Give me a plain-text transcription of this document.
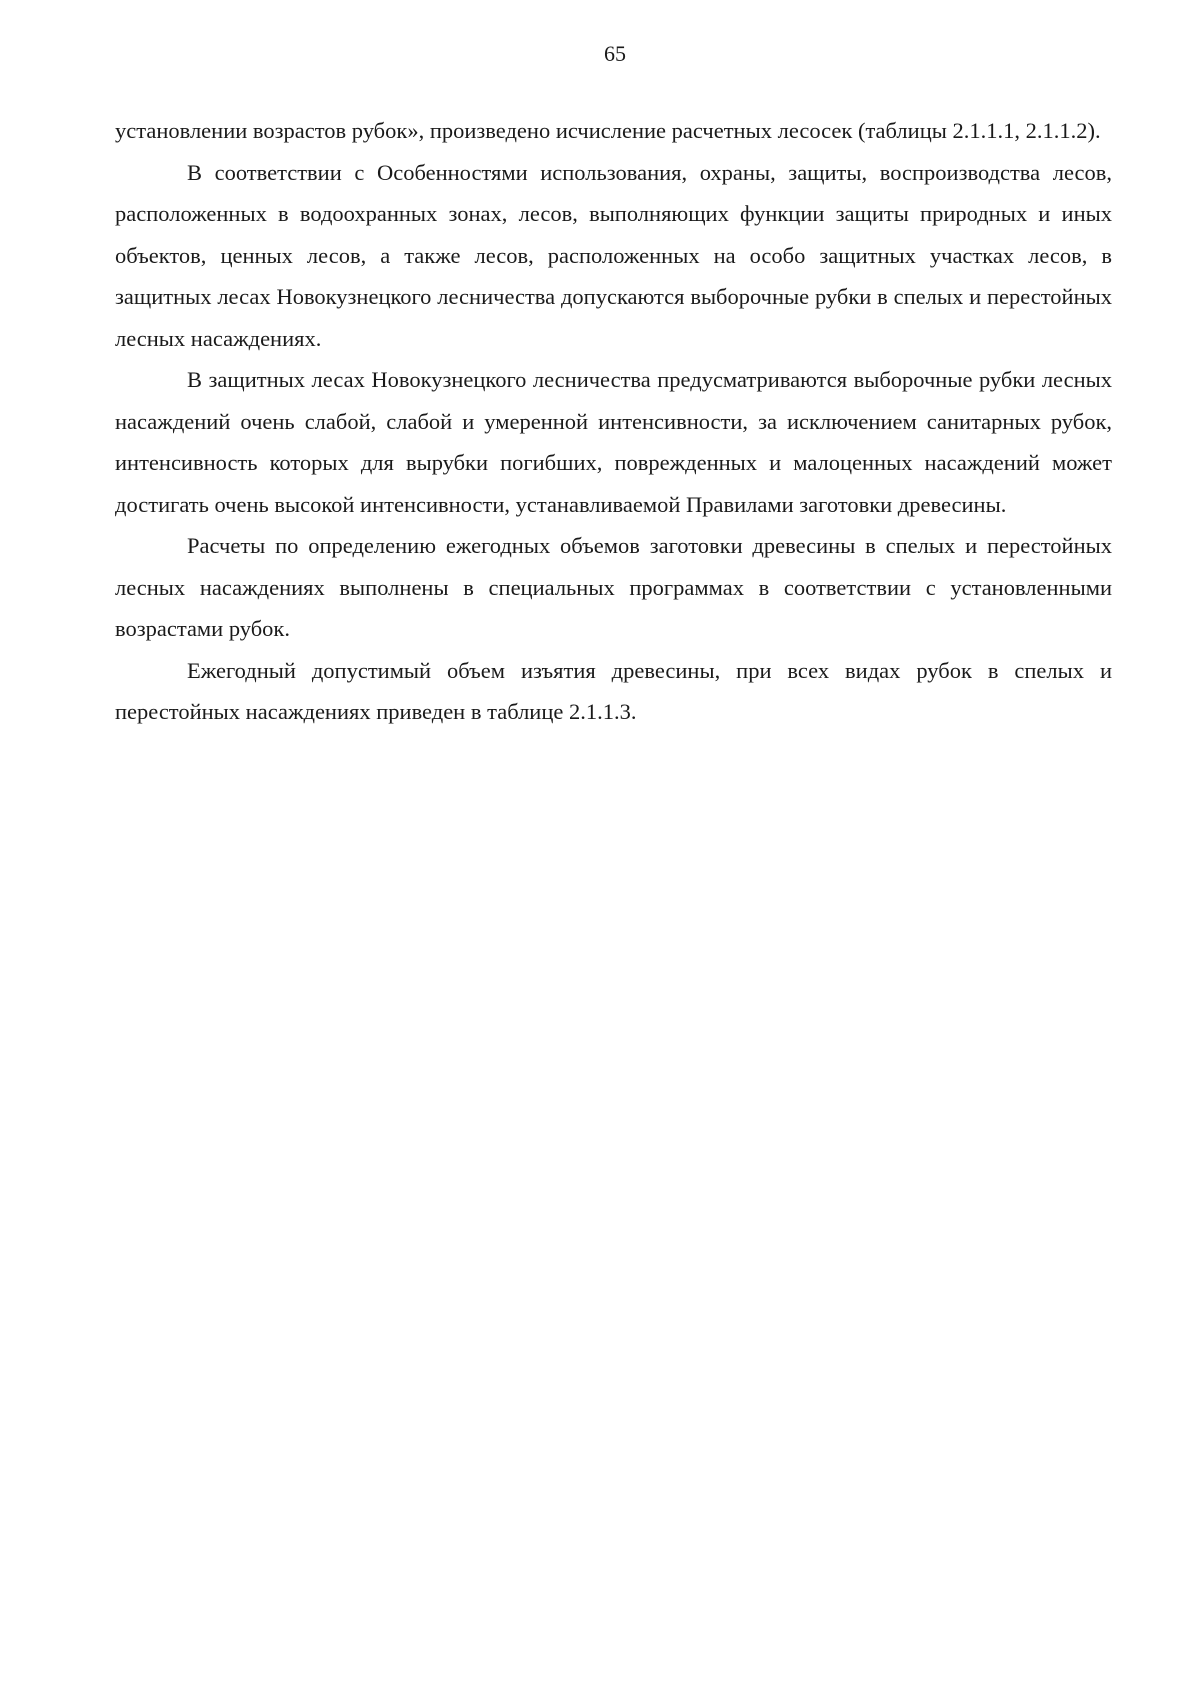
65

установлении возрастов рубок», произведено исчисление расчетных лесосек (таблицы 2.1.1.1, 2.1.1.2).

В соответствии с Особенностями использования, охраны, защиты, воспроизводства лесов, расположенных в водоохранных зонах, лесов, выполняющих функции защиты природных и иных объектов, ценных лесов, а также лесов, расположенных на особо защитных участках лесов, в защитных лесах Новокузнецкого лесничества допускаются выборочные рубки в спелых и перестойных лесных насаждениях.

В защитных лесах Новокузнецкого лесничества предусматриваются выборочные рубки лесных насаждений очень слабой, слабой и умеренной интенсивности, за исключением санитарных рубок, интенсивность которых для вырубки погибших, поврежденных и малоценных насаждений может достигать очень высокой интенсивности, устанавливаемой Правилами заготовки древесины.

Расчеты по определению ежегодных объемов заготовки древесины в спелых и перестойных лесных насаждениях выполнены в специальных программах в соответствии с установленными возрастами рубок.

Ежегодный допустимый объем изъятия древесины, при всех видах рубок в спелых и перестойных насаждениях приведен в таблице 2.1.1.3.
